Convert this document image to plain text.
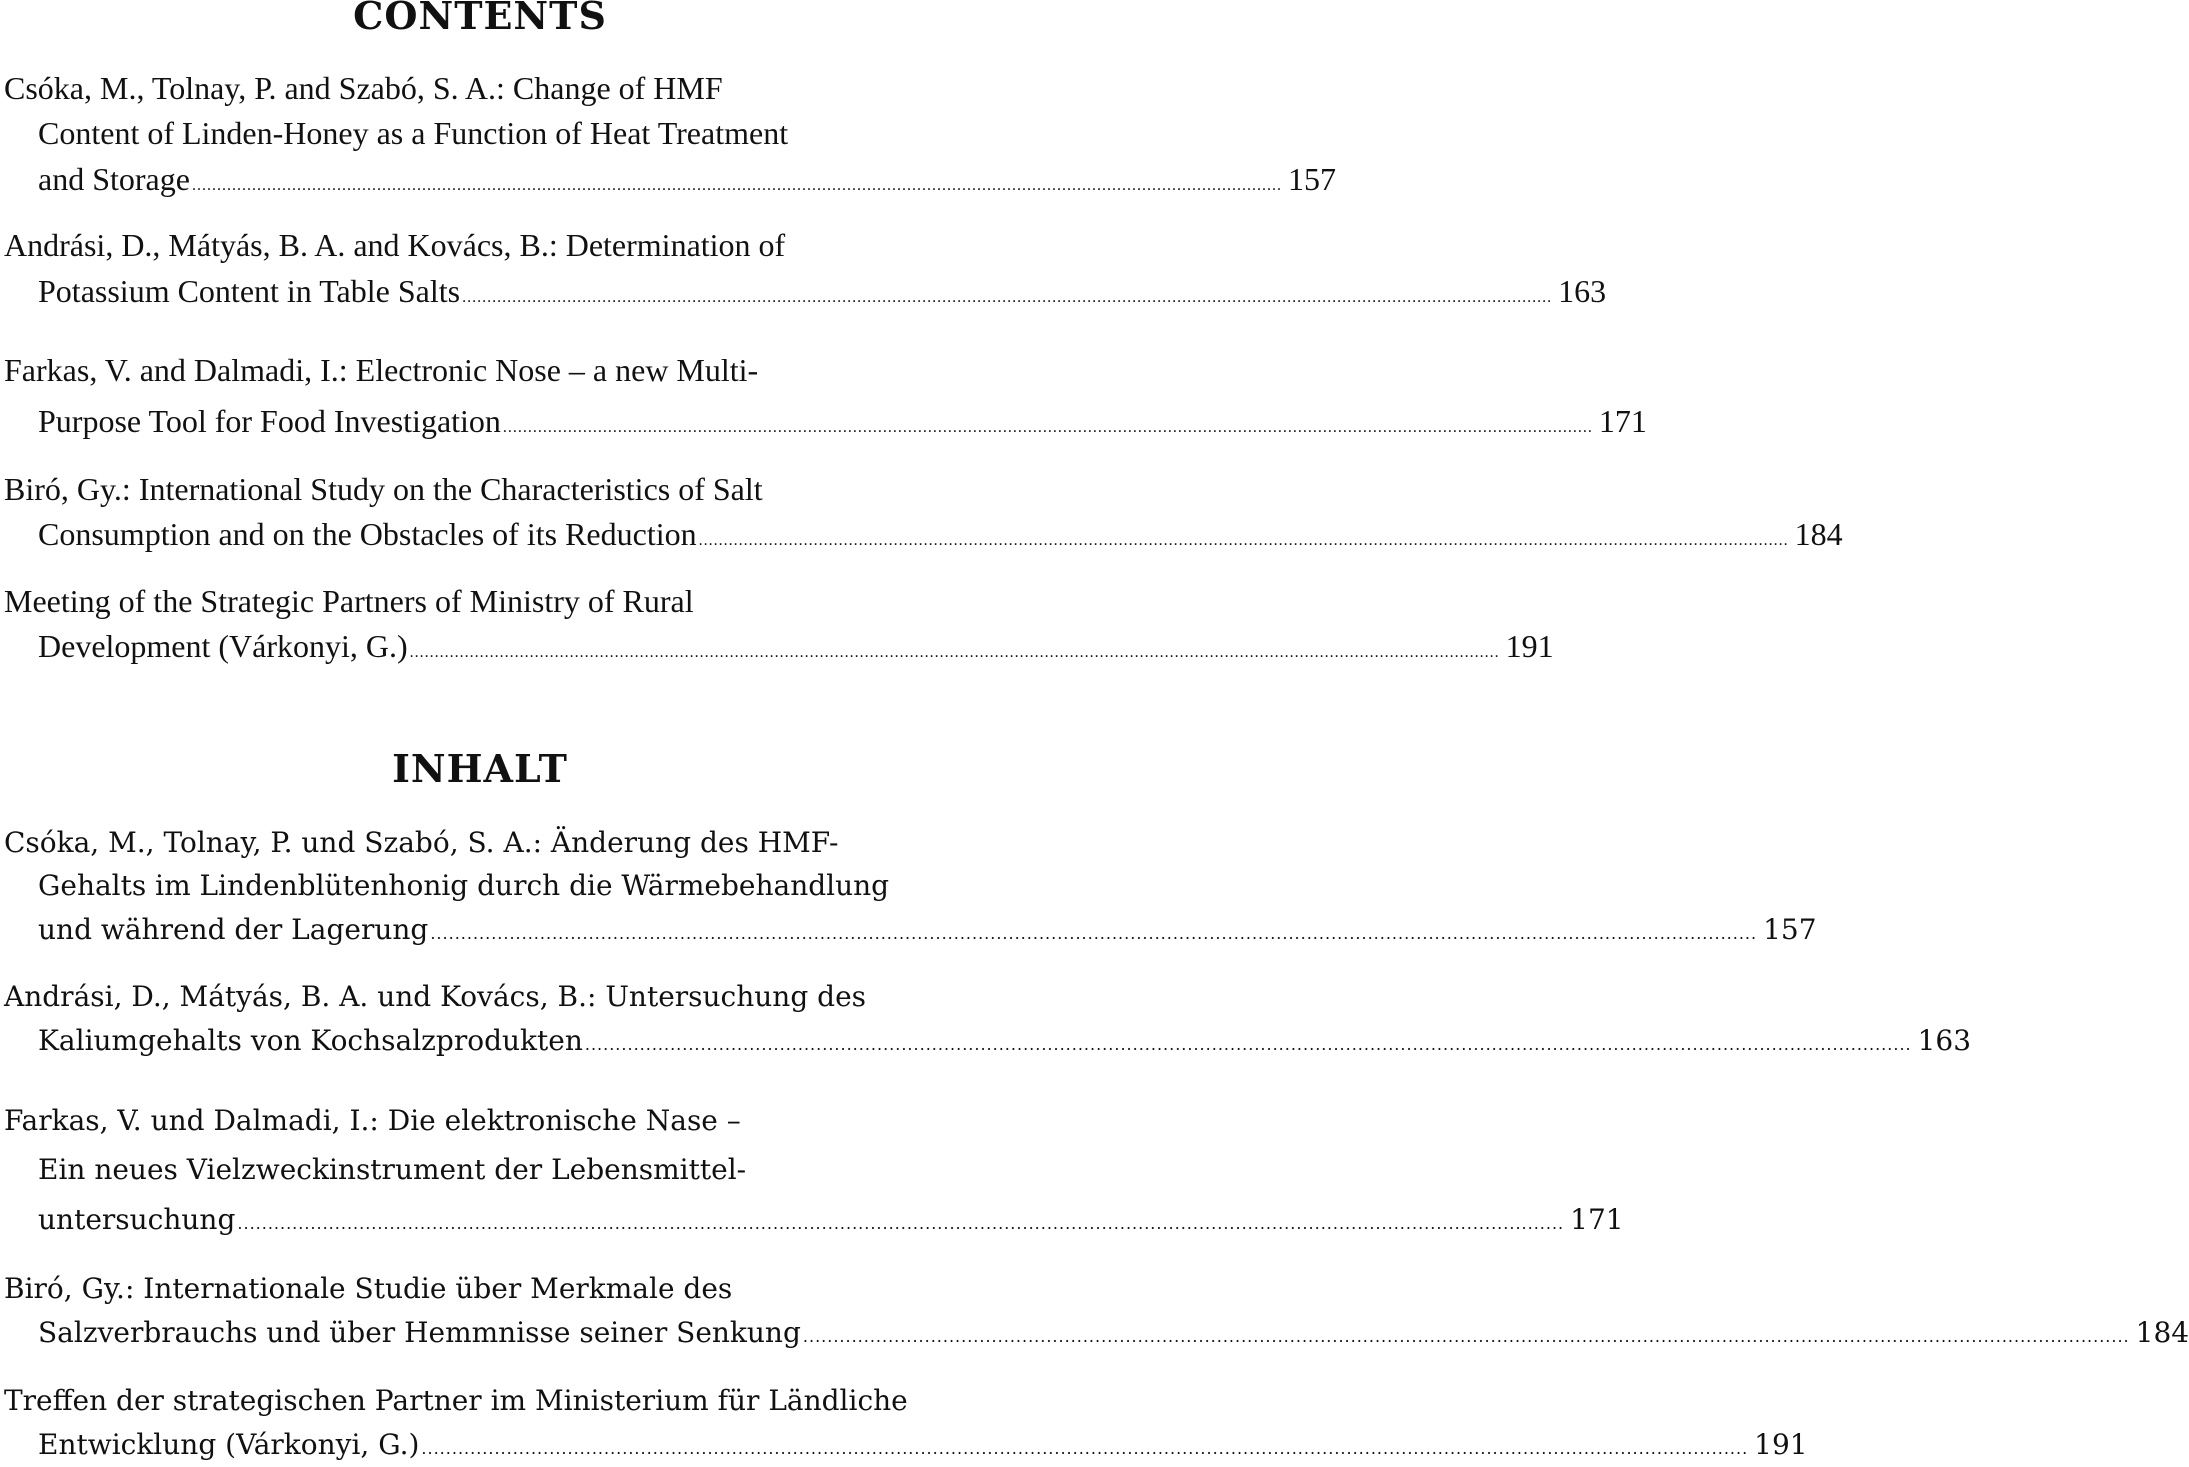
CONTENTS
Csóka, M., Tolnay, P. and Szabó, S. A.: Change of HMF
Content of Linden-Honey as a Function of Heat Treatment
and Storage .....	157
Andrási, D., Mátyás, B. A. and Kovács, B.: Determination of
Potassium Content in Table Salts .....	163
Farkas, V. and Dalmadi, I.: Electronic Nose – a new Multi-
Purpose Tool for Food Investigation .....	171
Biró, Gy.: International Study on the Characteristics of Salt
Consumption and on the Obstacles of its Reduction .....	184
Meeting of the Strategic Partners of Ministry of Rural
Development (Várkonyi, G.) .....	191
INHALT
Csóka, M., Tolnay, P. und Szabó, S. A.: Änderung des HMF-
Gehalts im Lindenblütenhonig durch die Wärmebehandlung
und während der Lagerung .....	157
Andrási, D., Mátyás, B. A. und Kovács, B.: Untersuchung des
Kaliumgehalts von Kochsalzprodukten .....	163
Farkas, V. und Dalmadi, I.: Die elektronische Nase –
Ein neues Vielzweckinstrument der Lebensmittel-
untersuchung .....	171
Biró, Gy.: Internationale Studie über Merkmale des
Salzverbrauchs und über Hemmnisse seiner Senkung .....	184
Treffen der strategischen Partner im Ministerium für Ländliche
Entwicklung (Várkonyi, G.) .....	191
